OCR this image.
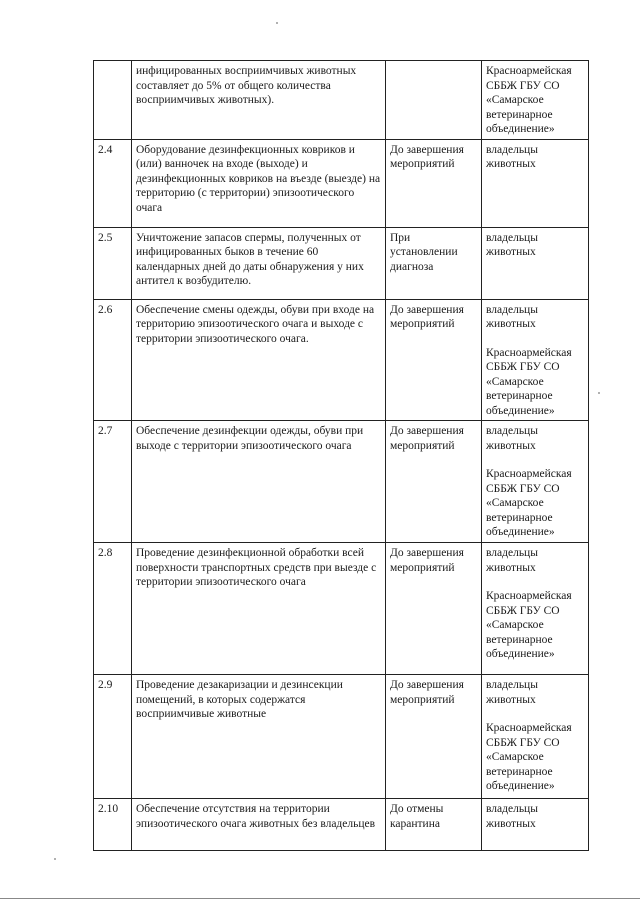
	инфицированных восприимчивых животных составляет до 5% от общего количества восприимчивых животных).		Красноармейская СББЖ ГБУ СО «Самарское ветеринарное объединение»

2.4	Оборудование дезинфекционных ковриков и (или) ванночек на входе (выходе) и дезинфекционных ковриков на въезде (выезде) на территорию (с территории) эпизоотического очага	До завершения мероприятий	владельцы животных

2.5	Уничтожение запасов спермы, полученных от инфицированных быков в течение 60 календарных дней до даты обнаружения у них антител к возбудителю.	При установлении диагноза	владельцы животных

2.6	Обеспечение смены одежды, обуви при входе на территорию эпизоотического очага и выходе с территории эпизоотического очага.	До завершения мероприятий	владельцы животных
Красноармейская СББЖ ГБУ СО «Самарское ветеринарное объединение»

2.7	Обеспечение дезинфекции одежды, обуви при выходе с территории эпизоотического очага	До завершения мероприятий	владельцы животных
Красноармейская СББЖ ГБУ СО «Самарское ветеринарное объединение»

2.8	Проведение дезинфекционной обработки всей поверхности транспортных средств при выезде с территории эпизоотического очага	До завершения мероприятий	владельцы животных
Красноармейская СББЖ ГБУ СО «Самарское ветеринарное объединение»

2.9	Проведение дезакаризации и дезинсекции помещений, в которых содержатся восприимчивые животные	До завершения мероприятий	владельцы животных
Красноармейская СББЖ ГБУ СО «Самарское ветеринарное объединение»

2.10	Обеспечение отсутствия на территории эпизоотического очага животных без владельцев	До отмены карантина	владельцы животных
